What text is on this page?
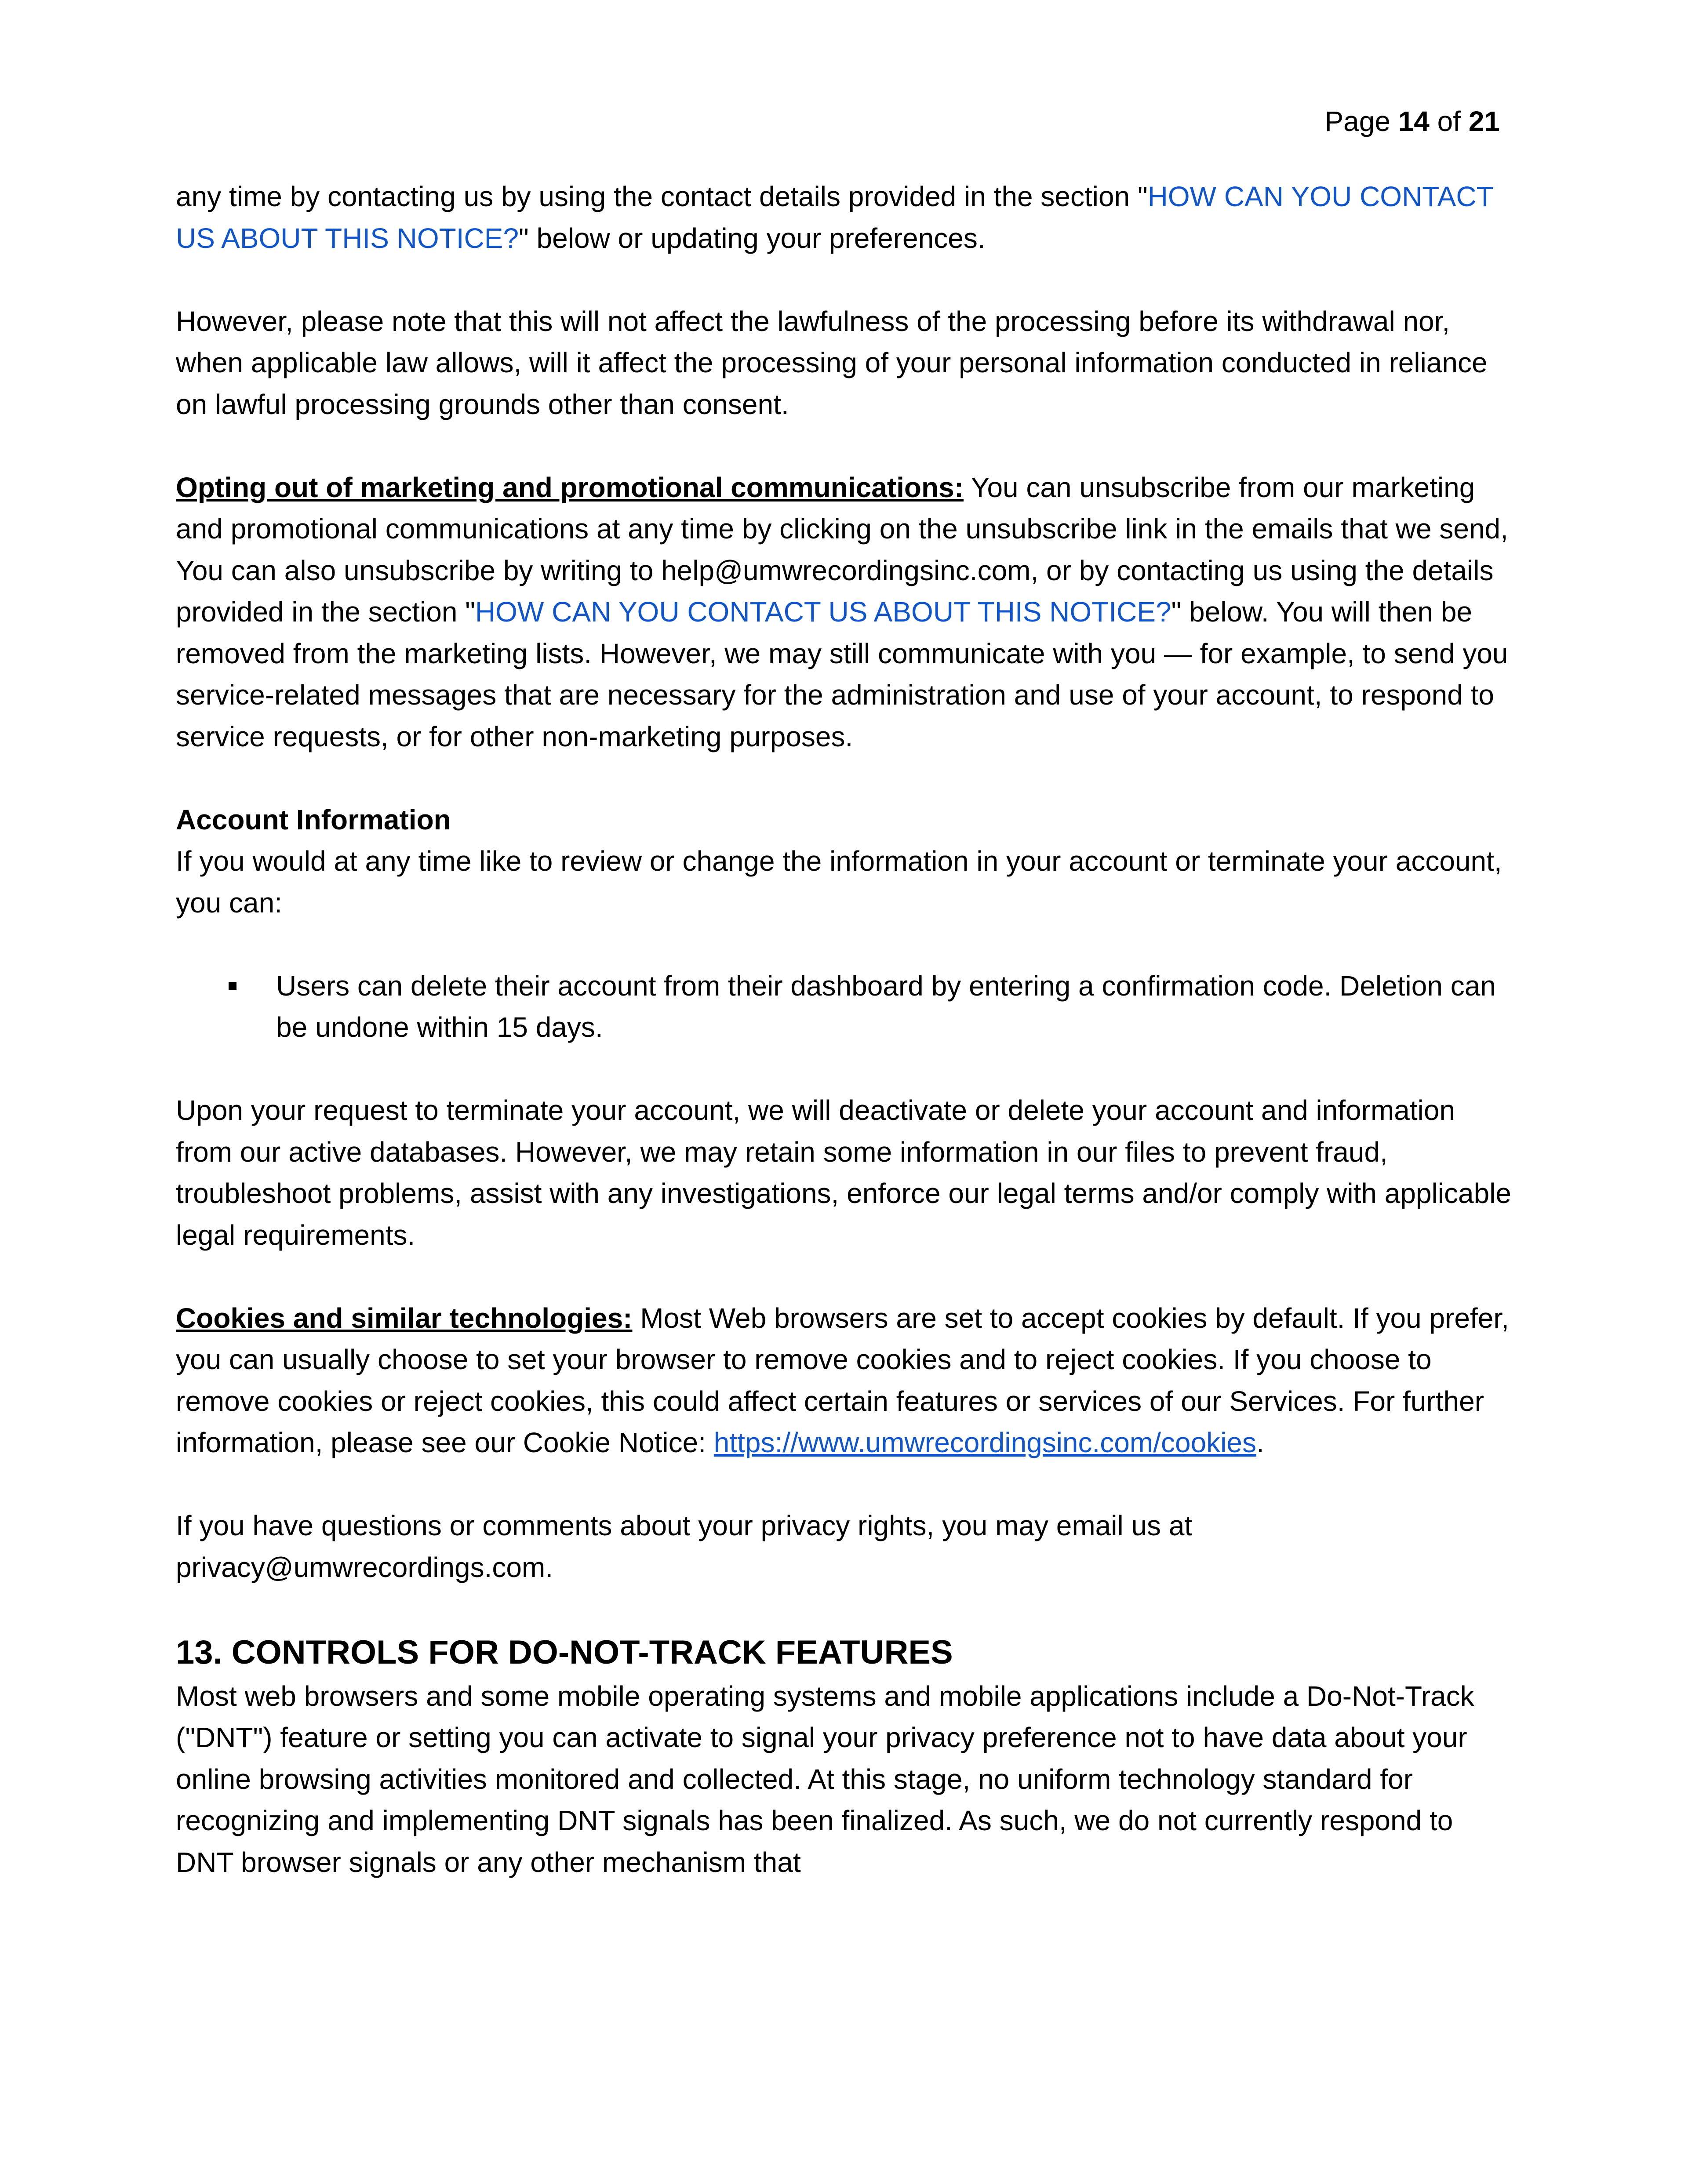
Page 14 of 21

any time by contacting us by using the contact details provided in the section "HOW CAN YOU CONTACT US ABOUT THIS NOTICE?" below or updating your preferences.

However, please note that this will not affect the lawfulness of the processing before its withdrawal nor, when applicable law allows, will it affect the processing of your personal information conducted in reliance on lawful processing grounds other than consent.

Opting out of marketing and promotional communications: You can unsubscribe from our marketing and promotional communications at any time by clicking on the unsubscribe link in the emails that we send, You can also unsubscribe by writing to help@umwrecordingsinc.com, or by contacting us using the details provided in the section "HOW CAN YOU CONTACT US ABOUT THIS NOTICE?" below. You will then be removed from the marketing lists. However, we may still communicate with you — for example, to send you service-related messages that are necessary for the administration and use of your account, to respond to service requests, or for other non-marketing purposes.

Account Information

If you would at any time like to review or change the information in your account or terminate your account, you can:

Users can delete their account from their dashboard by entering a confirmation code. Deletion can be undone within 15 days.

Upon your request to terminate your account, we will deactivate or delete your account and information from our active databases. However, we may retain some information in our files to prevent fraud, troubleshoot problems, assist with any investigations, enforce our legal terms and/or comply with applicable legal requirements.

Cookies and similar technologies: Most Web browsers are set to accept cookies by default. If you prefer, you can usually choose to set your browser to remove cookies and to reject cookies. If you choose to remove cookies or reject cookies, this could affect certain features or services of our Services. For further information, please see our Cookie Notice: https://www.umwrecordingsinc.com/cookies.

If you have questions or comments about your privacy rights, you may email us at privacy@umwrecordings.com.

13. CONTROLS FOR DO-NOT-TRACK FEATURES

Most web browsers and some mobile operating systems and mobile applications include a Do-Not-Track ("DNT") feature or setting you can activate to signal your privacy preference not to have data about your online browsing activities monitored and collected. At this stage, no uniform technology standard for recognizing and implementing DNT signals has been finalized. As such, we do not currently respond to DNT browser signals or any other mechanism that
